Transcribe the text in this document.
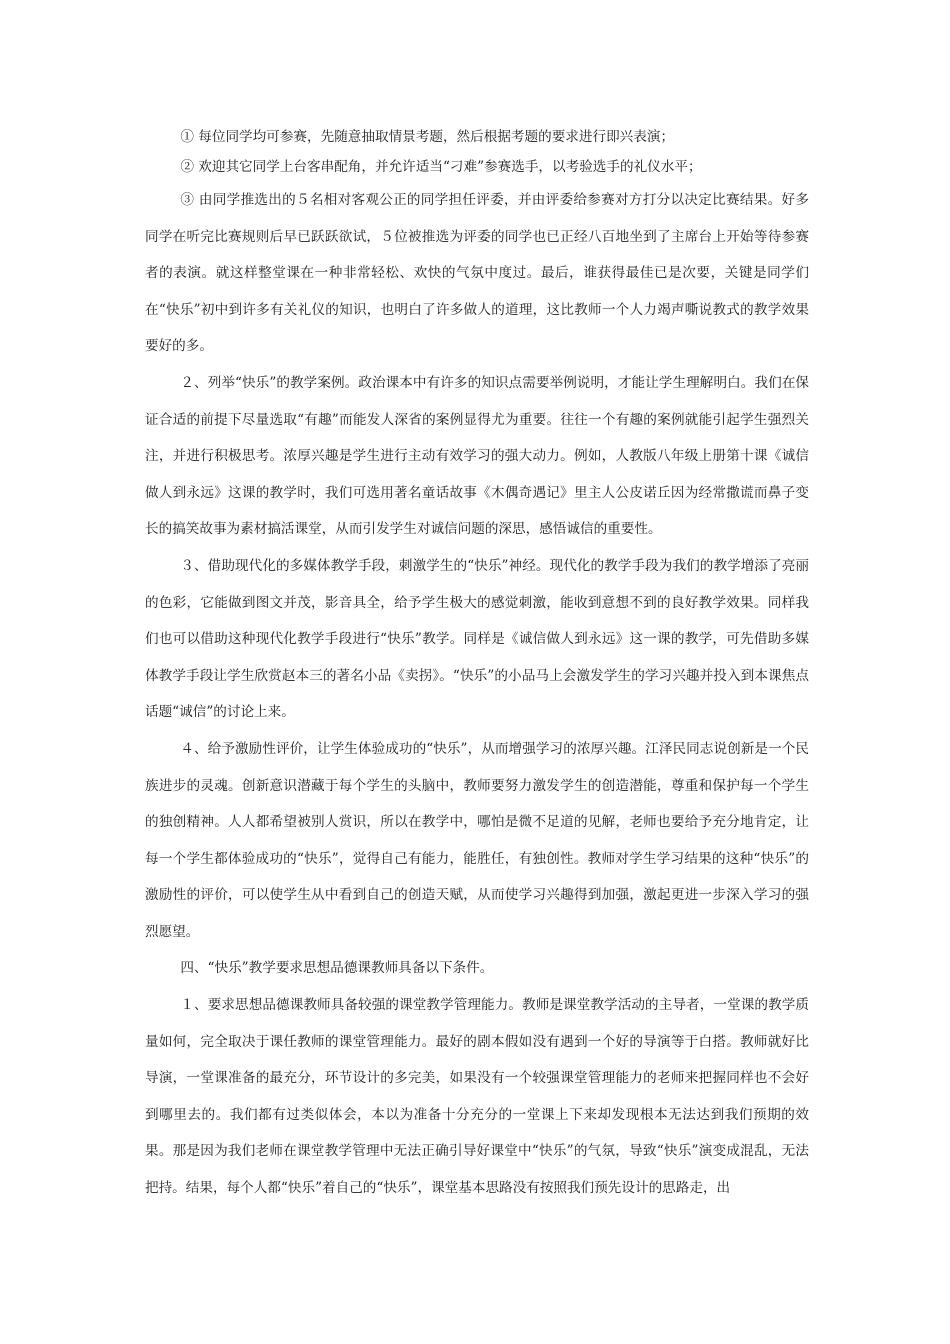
① 每位同学均可参赛，先随意抽取情景考题，然后根据考题的要求进行即兴表演；

② 欢迎其它同学上台客串配角，并允许适当“刁难”参赛选手，以考验选手的礼仪水平；

③ 由同学推选出的５名相对客观公正的同学担任评委，并由评委给参赛对方打分以决定比赛结果。好多同学在听完比赛规则后早已跃跃欲试，５位被推选为评委的同学也已正经八百地坐到了主席台上开始等待参赛者的表演。就这样整堂课在一种非常轻松、欢快的气氛中度过。最后，谁获得最佳已是次要，关键是同学们在“快乐”初中到许多有关礼仪的知识，也明白了许多做人的道理，这比教师一个人力竭声嘶说教式的教学效果要好的多。

２、列举“快乐”的教学案例。政治课本中有许多的知识点需要举例说明，才能让学生理解明白。我们在保证合适的前提下尽量选取“有趣”而能发人深省的案例显得尤为重要。往往一个有趣的案例就能引起学生强烈关注，并进行积极思考。浓厚兴趣是学生进行主动有效学习的强大动力。例如，人教版八年级上册第十课《诚信做人到永远》这课的教学时，我们可选用著名童话故事《木偶奇遇记》里主人公皮诺丘因为经常撒谎而鼻子变长的搞笑故事为素材搞活课堂，从而引发学生对诚信问题的深思，感悟诚信的重要性。

３、借助现代化的多媒体教学手段，刺激学生的“快乐”神经。现代化的教学手段为我们的教学增添了亮丽的色彩，它能做到图文并茂，影音具全，给予学生极大的感觉刺激，能收到意想不到的良好教学效果。同样我们也可以借助这种现代化教学手段进行“快乐”教学。同样是《诚信做人到永远》这一课的教学，可先借助多媒体教学手段让学生欣赏赵本三的著名小品《卖拐》。“快乐”的小品马上会激发学生的学习兴趣并投入到本课焦点话题“诚信”的讨论上来。

４、给予激励性评价，让学生体验成功的“快乐”，从而增强学习的浓厚兴趣。江泽民同志说创新是一个民族进步的灵魂。创新意识潜藏于每个学生的头脑中，教师要努力激发学生的创造潜能，尊重和保护每一个学生的独创精神。人人都希望被别人赏识，所以在教学中，哪怕是微不足道的见解，老师也要给予充分地肯定，让每一个学生都体验成功的“快乐”，觉得自己有能力，能胜任，有独创性。教师对学生学习结果的这种“快乐”的激励性的评价，可以使学生从中看到自己的创造天赋，从而使学习兴趣得到加强，激起更进一步深入学习的强烈愿望。

四、“快乐”教学要求思想品德课教师具备以下条件。

１、要求思想品德课教师具备较强的课堂教学管理能力。教师是课堂教学活动的主导者，一堂课的教学质量如何，完全取决于课任教师的课堂管理能力。最好的剧本假如没有遇到一个好的导演等于白搭。教师就好比导演，一堂课准备的最充分，环节设计的多完美，如果没有一个较强课堂管理能力的老师来把握同样也不会好到哪里去的。我们都有过类似体会，本以为准备十分充分的一堂课上下来却发现根本无法达到我们预期的效果。那是因为我们老师在课堂教学管理中无法正确引导好课堂中“快乐”的气氛，导致“快乐”演变成混乱，无法把持。结果，每个人都“快乐”着自己的“快乐”，课堂基本思路没有按照我们预先设计的思路走，出
